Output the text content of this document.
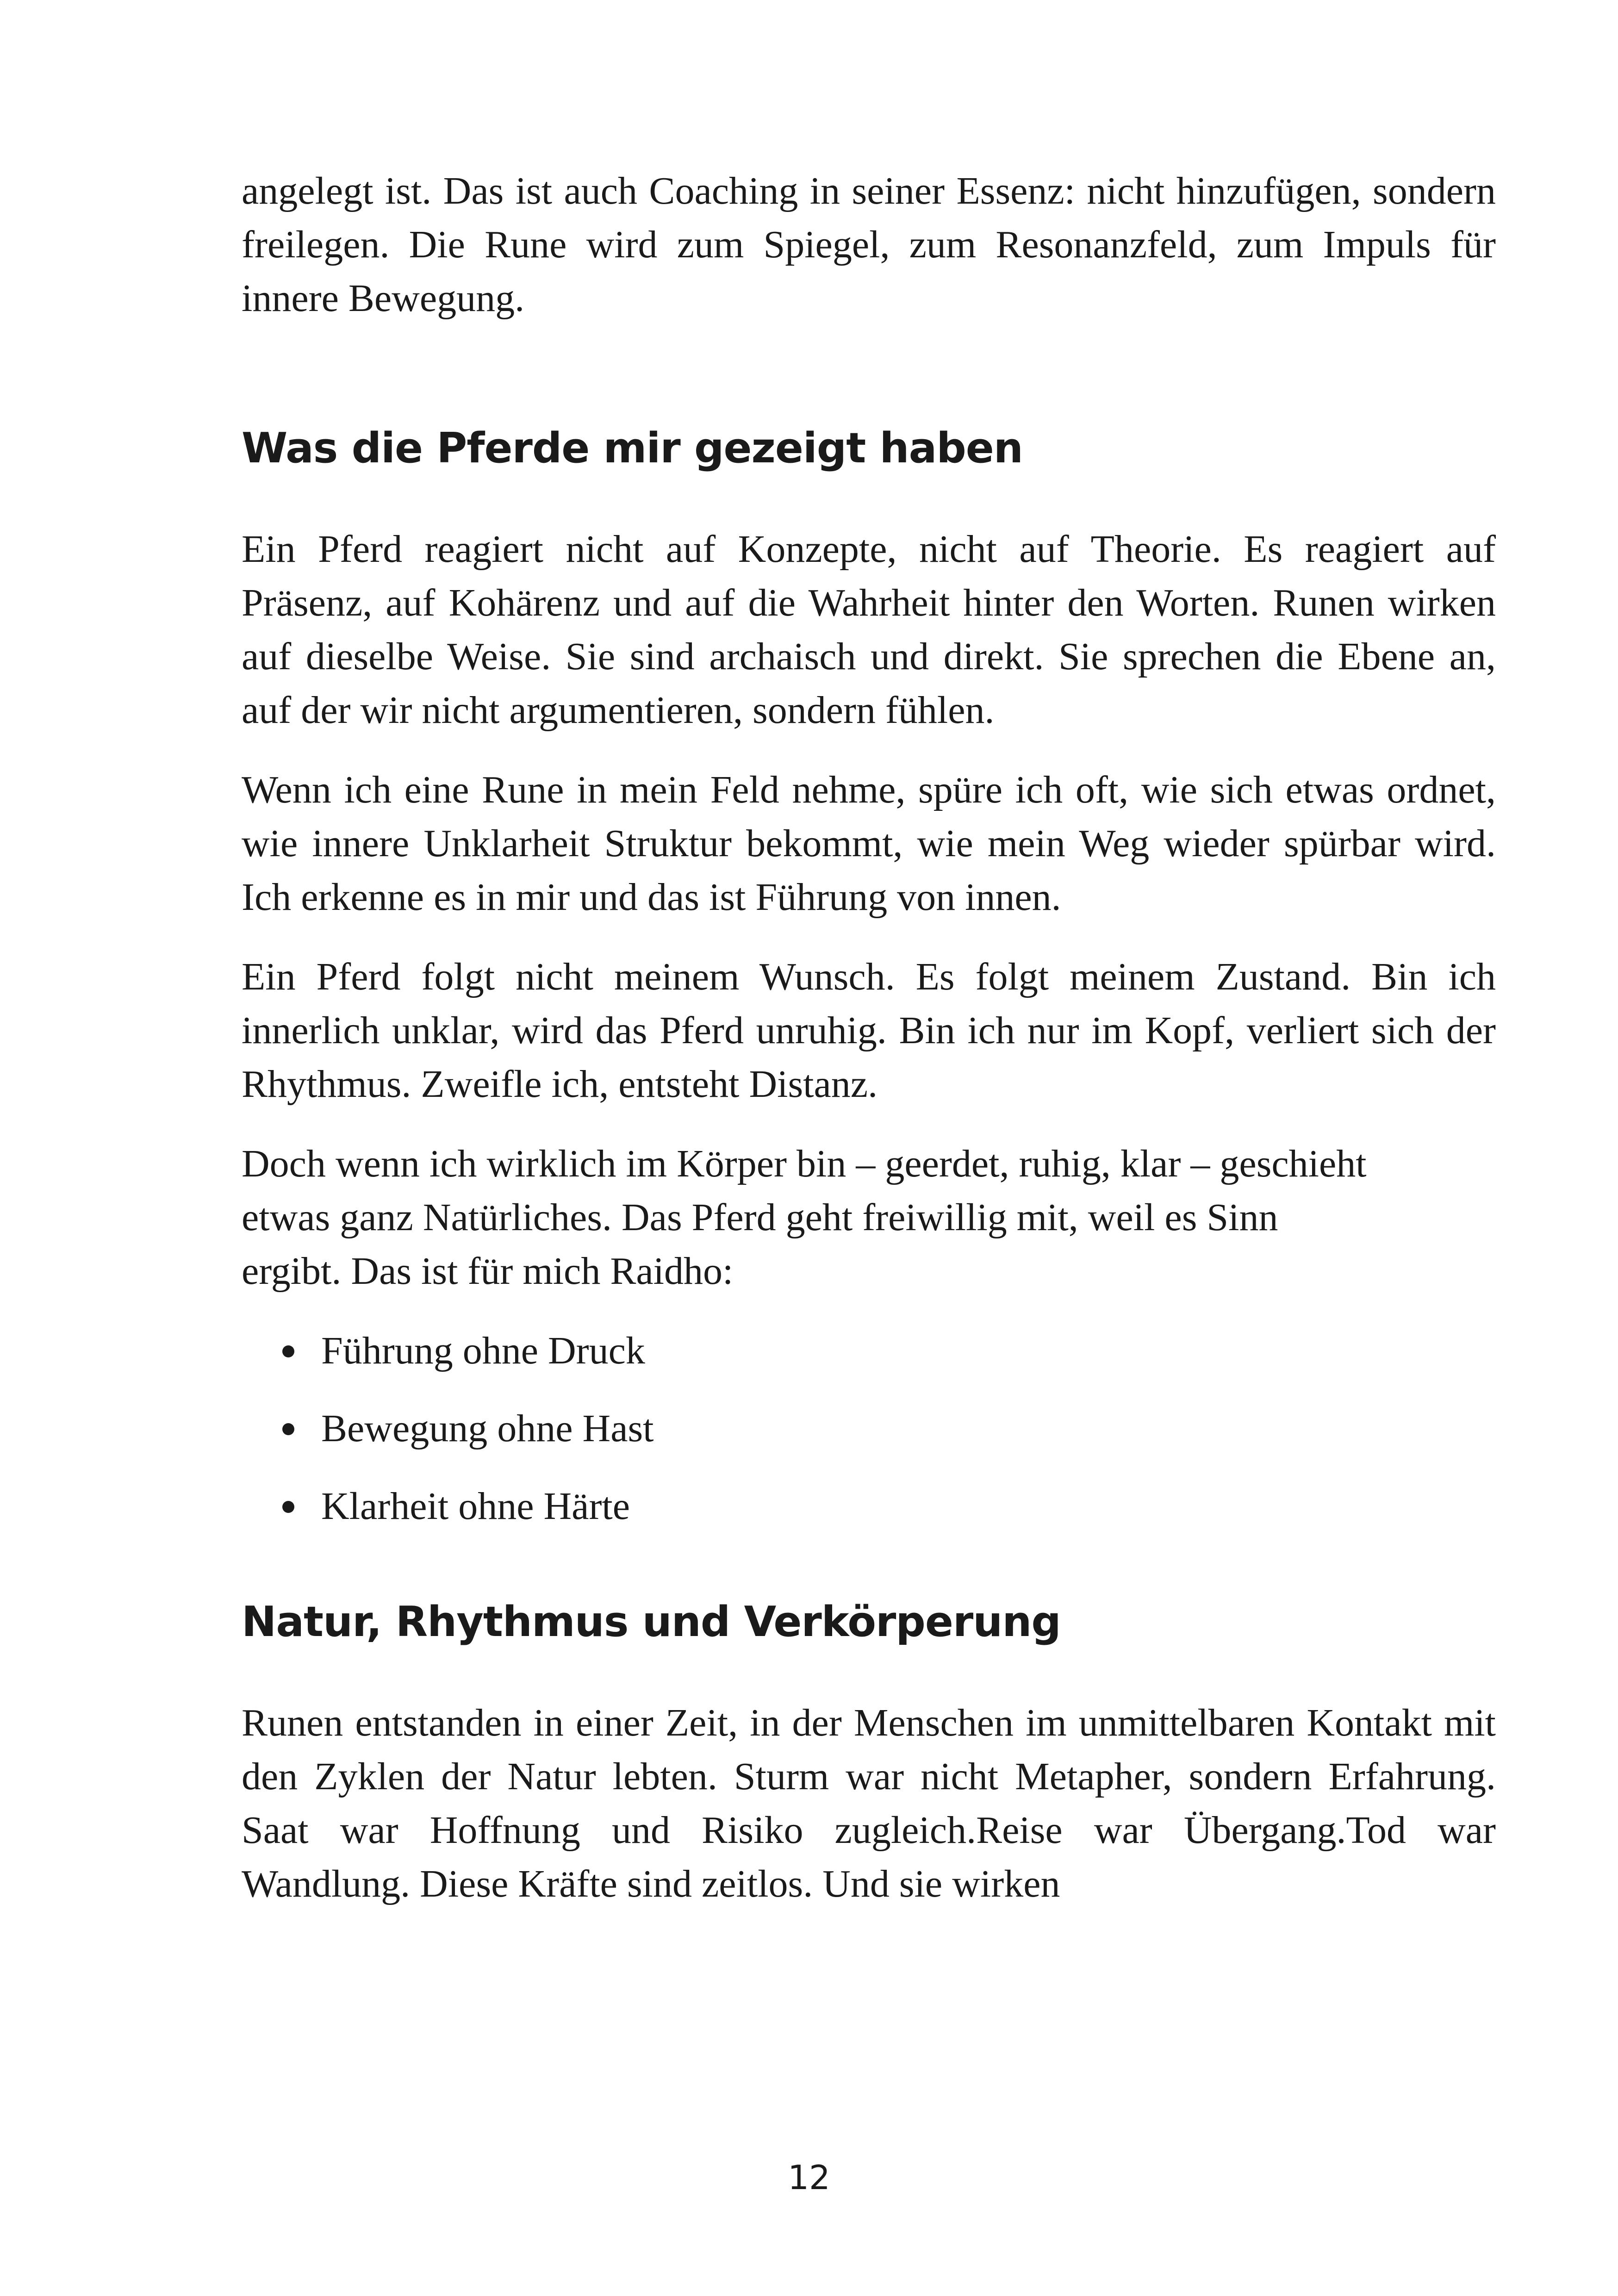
angelegt ist. Das ist auch Coaching in seiner Essenz: nicht hinzufügen, sondern freilegen. Die Rune wird zum Spiegel, zum Resonanzfeld, zum Impuls für innere Bewegung.

Was die Pferde mir gezeigt haben

Ein Pferd reagiert nicht auf Konzepte, nicht auf Theorie. Es reagiert auf Präsenz, auf Kohärenz und auf die Wahrheit hinter den Worten. Runen wirken auf dieselbe Weise. Sie sind archaisch und direkt. Sie sprechen die Ebene an, auf der wir nicht argumentieren, sondern fühlen.

Wenn ich eine Rune in mein Feld nehme, spüre ich oft, wie sich etwas ordnet, wie innere Unklarheit Struktur bekommt, wie mein Weg wieder spürbar wird. Ich erkenne es in mir und das ist Führung von innen.

Ein Pferd folgt nicht meinem Wunsch. Es folgt meinem Zustand. Bin ich innerlich unklar, wird das Pferd unruhig. Bin ich nur im Kopf, verliert sich der Rhythmus. Zweifle ich, entsteht Distanz.

Doch wenn ich wirklich im Körper bin – geerdet, ruhig, klar – geschieht etwas ganz Natürliches. Das Pferd geht freiwillig mit, weil es Sinn ergibt. Das ist für mich Raidho:

Führung ohne Druck
Bewegung ohne Hast
Klarheit ohne Härte
Natur, Rhythmus und Verkörperung

Runen entstanden in einer Zeit, in der Menschen im unmittelbaren Kontakt mit den Zyklen der Natur lebten. Sturm war nicht Metapher, sondern Erfahrung. Saat war Hoffnung und Risiko zugleich.Reise war Übergang.Tod war Wandlung. Diese Kräfte sind zeitlos. Und sie wirken

12
